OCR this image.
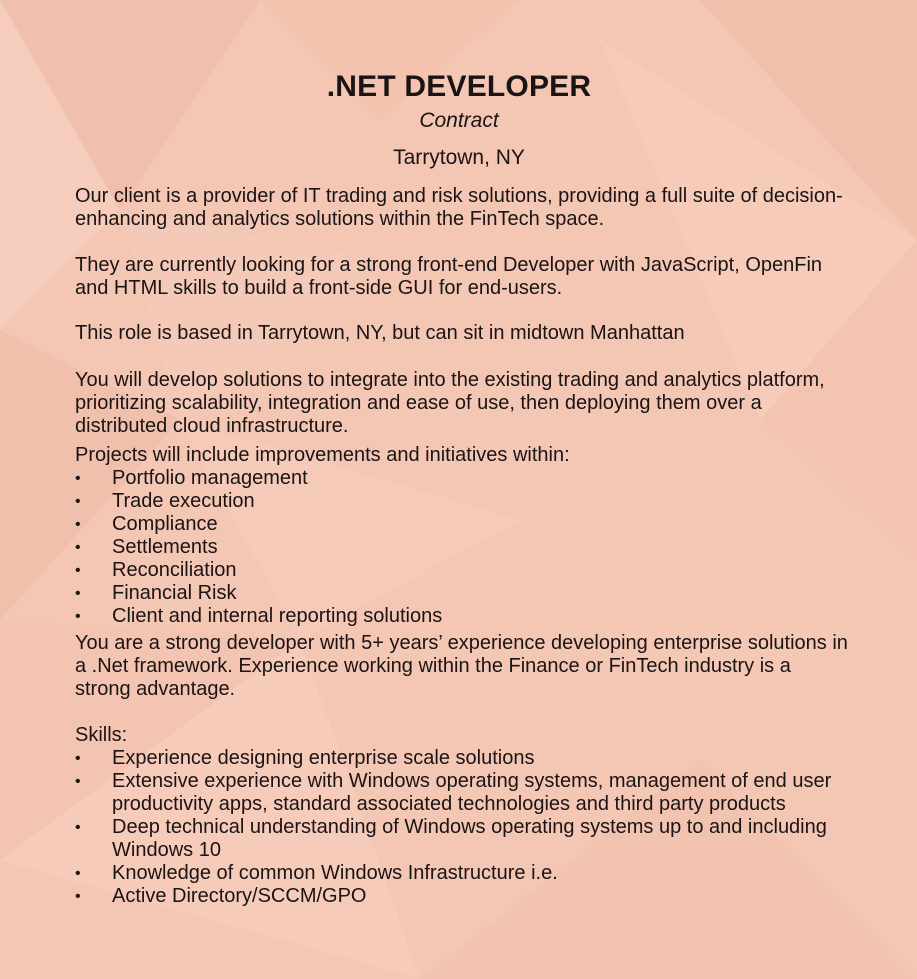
.NET DEVELOPER
Contract
Tarrytown, NY

Our client is a provider of IT trading and risk solutions, providing a full suite of decision-enhancing and analytics solutions within the FinTech space.

They are currently looking for a strong front-end Developer with JavaScript, OpenFin and HTML skills to build a front-side GUI for end-users.

This role is based in Tarrytown, NY, but can sit in midtown Manhattan

You will develop solutions to integrate into the existing trading and analytics platform, prioritizing scalability, integration and ease of use, then deploying them over a distributed cloud infrastructure.

Projects will include improvements and initiatives within:

• Portfolio management
• Trade execution
• Compliance
• Settlements
• Reconciliation
• Financial Risk
• Client and internal reporting solutions

You are a strong developer with 5+ years’ experience developing enterprise solutions in a .Net framework. Experience working within the Finance or FinTech industry is a strong advantage.

Skills:

• Experience designing enterprise scale solutions
• Extensive experience with Windows operating systems, management of end user productivity apps, standard associated technologies and third party products
• Deep technical understanding of Windows operating systems up to and including Windows 10
• Knowledge of common Windows Infrastructure i.e.
• Active Directory/SCCM/GPO
